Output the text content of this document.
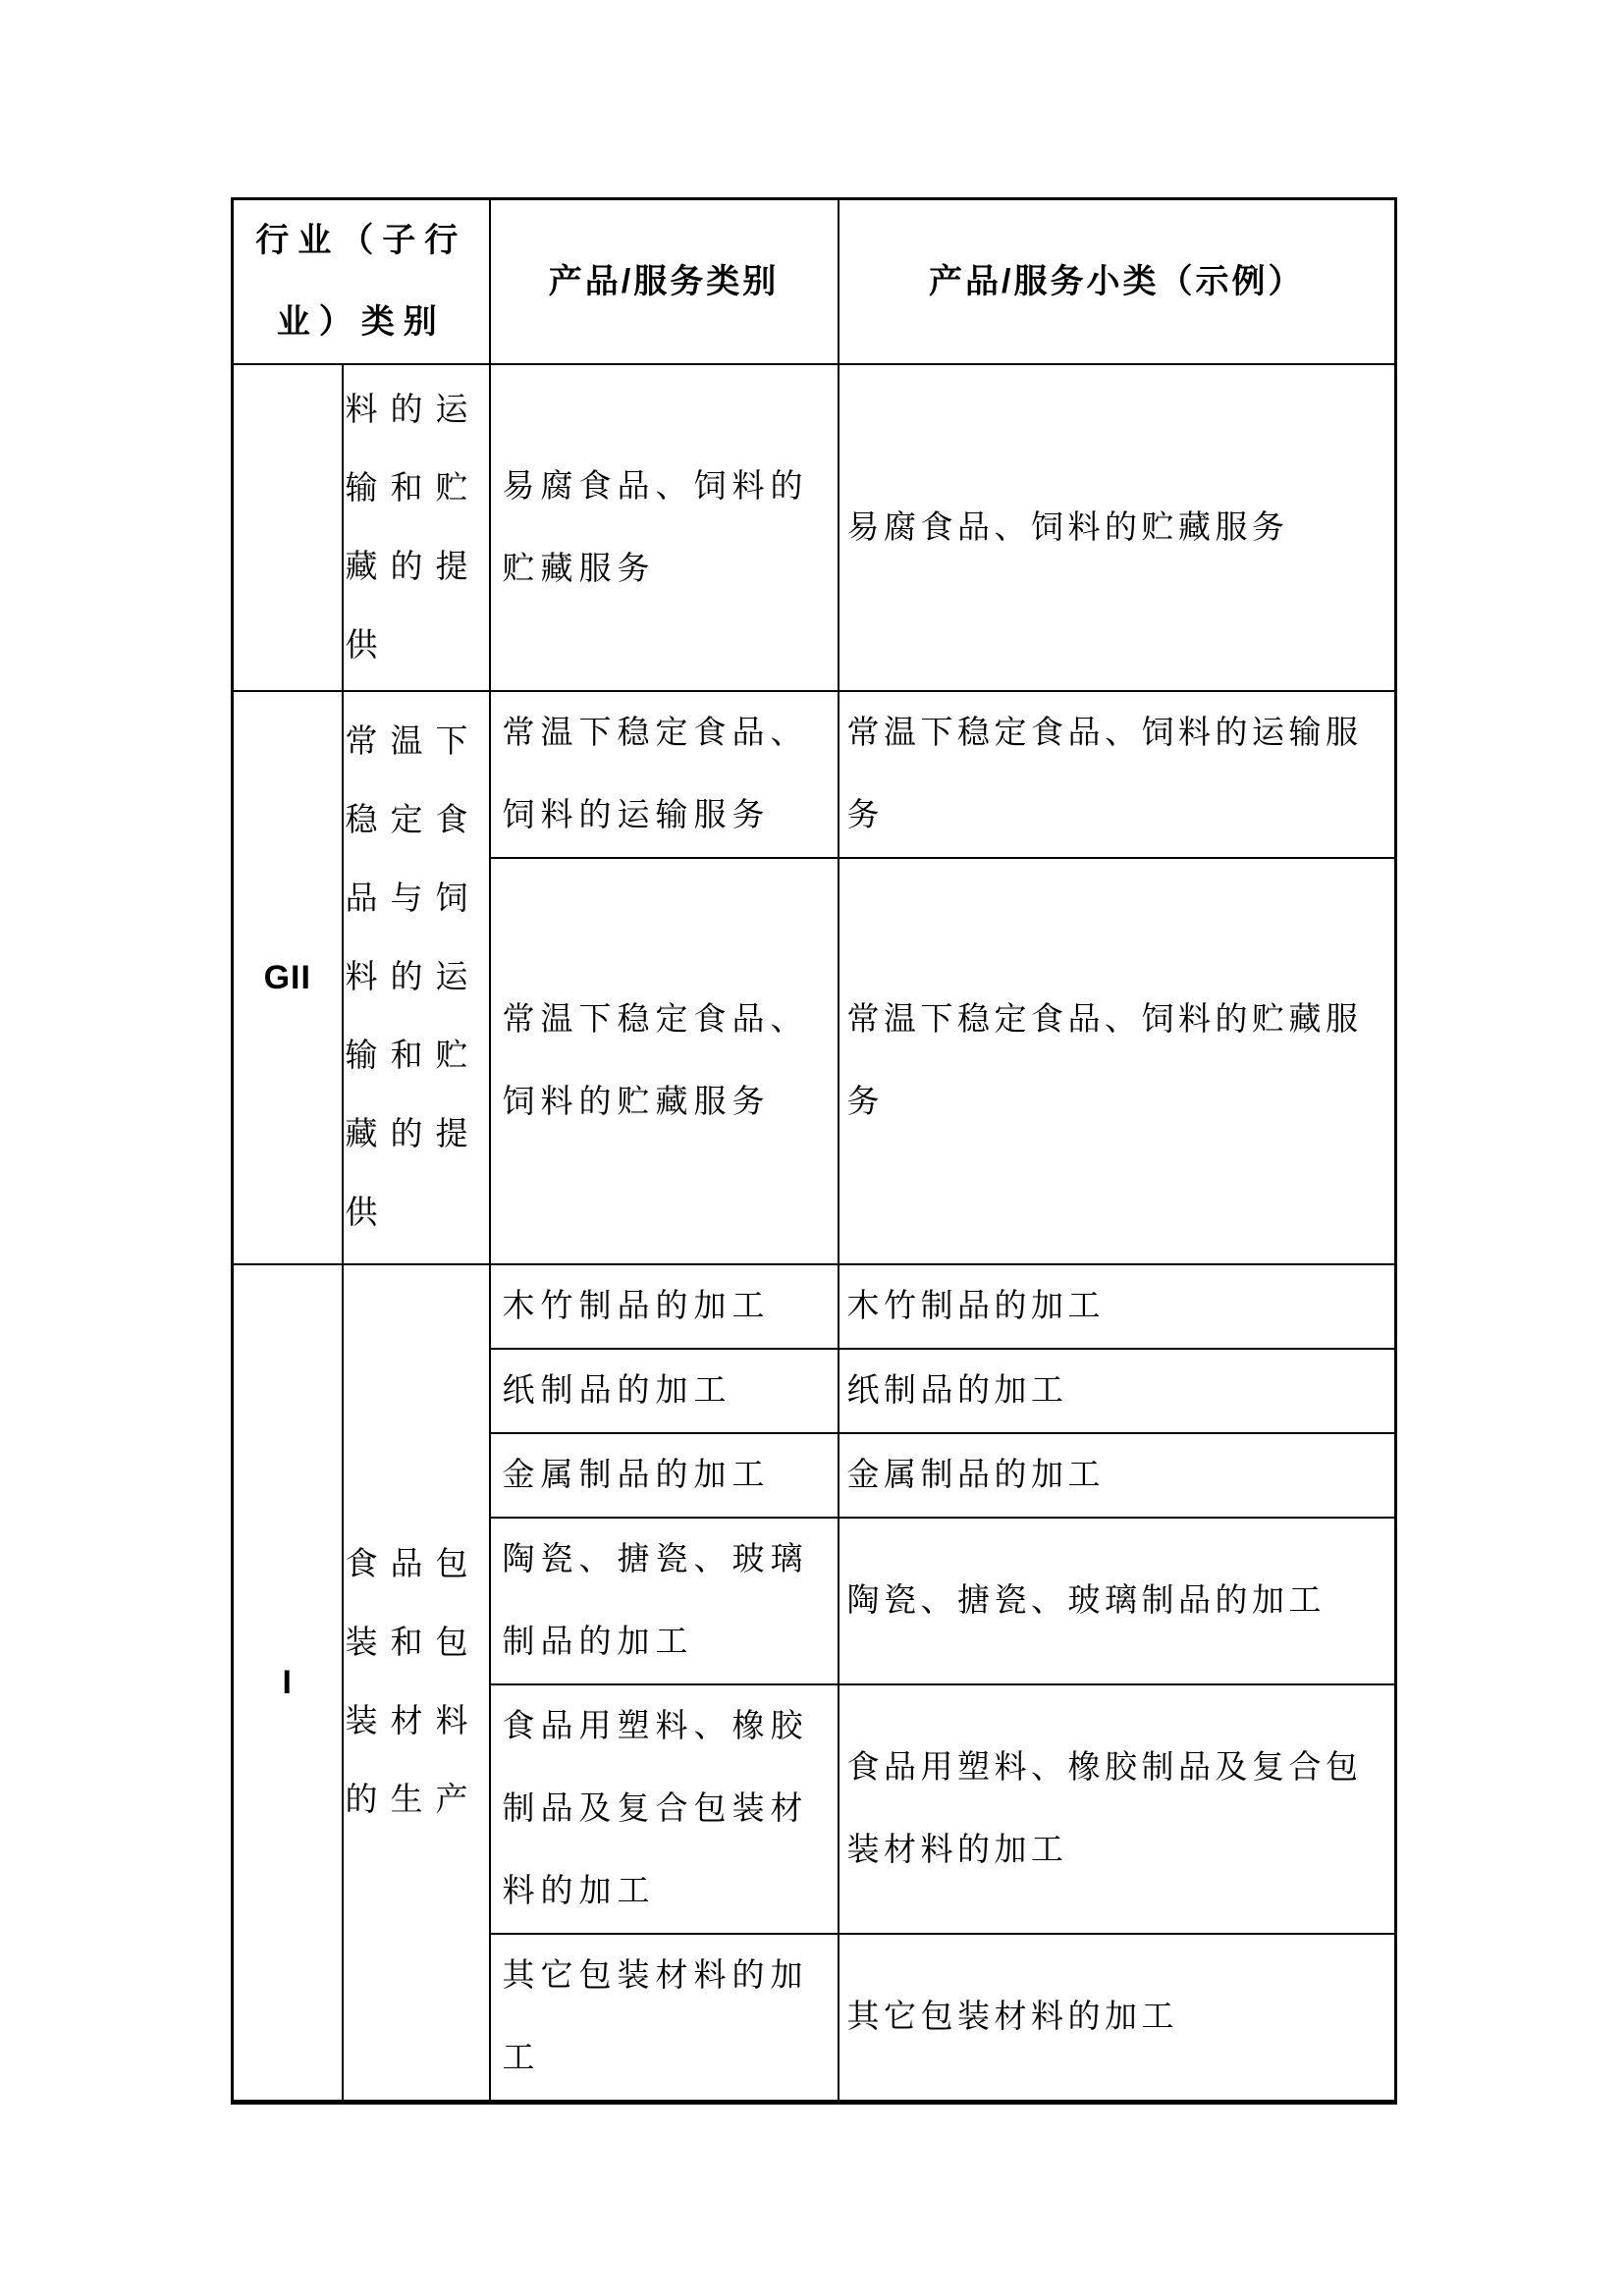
行业（子行业）类别		产品/服务类别	产品/服务小类（示例）
	料的运输和贮藏的提供	易腐食品、饲料的贮藏服务	易腐食品、饲料的贮藏服务
GII	常温下稳定食品与饲料的运输和贮藏的提供	常温下稳定食品、饲料的运输服务	常温下稳定食品、饲料的运输服务
		常温下稳定食品、饲料的贮藏服务	常温下稳定食品、饲料的贮藏服务
I	食品包装和包装材料的生产	木竹制品的加工	木竹制品的加工
		纸制品的加工	纸制品的加工
		金属制品的加工	金属制品的加工
		陶瓷、搪瓷、玻璃制品的加工	陶瓷、搪瓷、玻璃制品的加工
		食品用塑料、橡胶制品及复合包装材料的加工	食品用塑料、橡胶制品及复合包装材料的加工
		其它包装材料的加工	其它包装材料的加工
